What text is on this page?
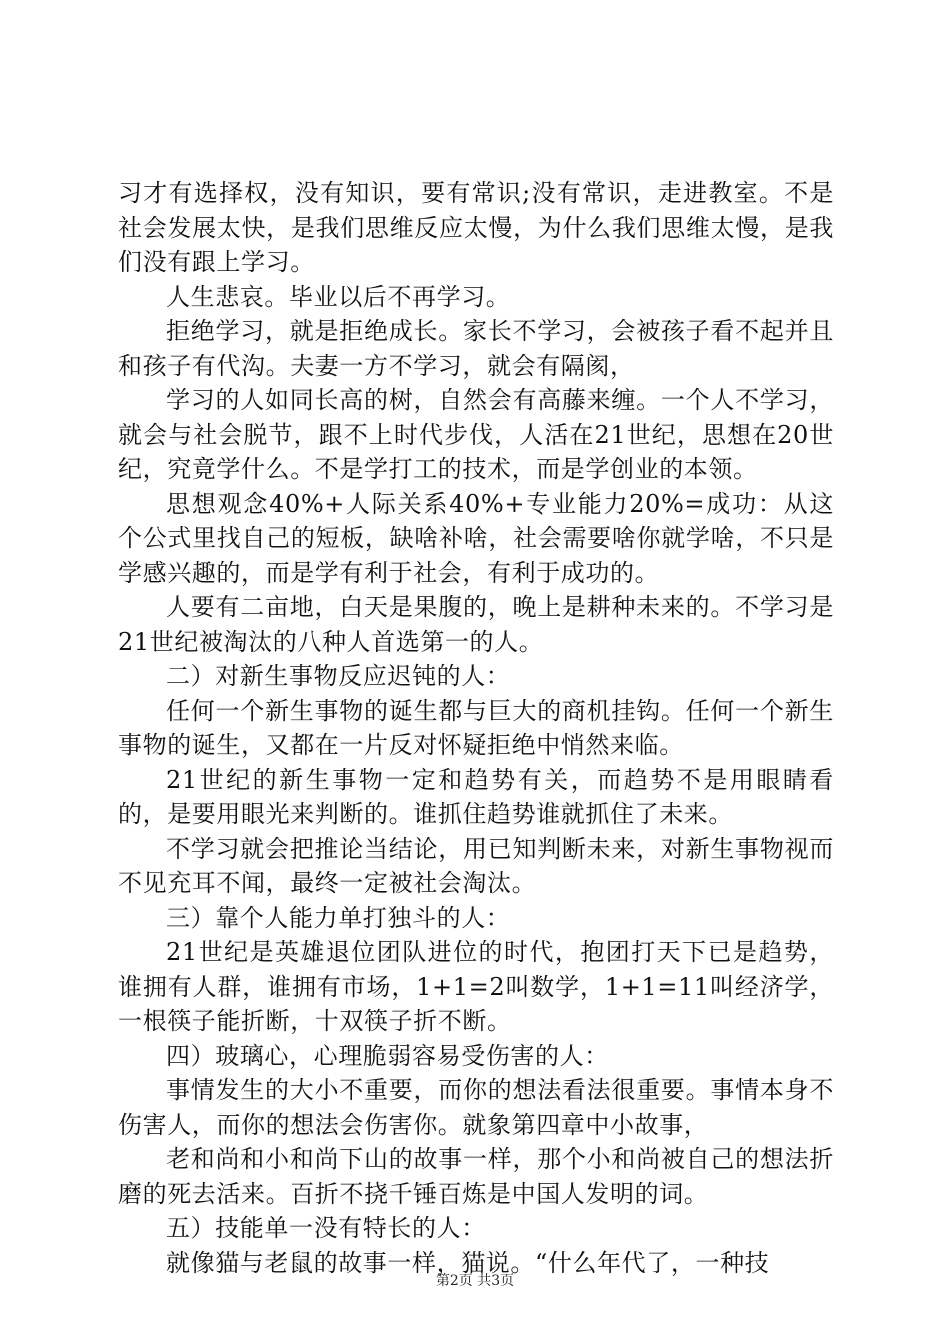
习才有选择权，没有知识，要有常识;没有常识，走进教室。不是社会发展太快，是我们思维反应太慢，为什么我们思维太慢，是我们没有跟上学习。

人生悲哀。毕业以后不再学习。

拒绝学习，就是拒绝成长。家长不学习，会被孩子看不起并且和孩子有代沟。夫妻一方不学习，就会有隔阂，

学习的人如同长高的树，自然会有高藤来缠。一个人不学习，就会与社会脱节，跟不上时代步伐，人活在21世纪，思想在20世纪，究竟学什么。不是学打工的技术，而是学创业的本领。

思想观念40%+人际关系40%+专业能力20%=成功：从这个公式里找自己的短板，缺啥补啥，社会需要啥你就学啥，不只是学感兴趣的，而是学有利于社会，有利于成功的。

人要有二亩地，白天是果腹的，晚上是耕种未来的。不学习是21世纪被淘汰的八种人首选第一的人。

二）对新生事物反应迟钝的人：

任何一个新生事物的诞生都与巨大的商机挂钩。任何一个新生事物的诞生，又都在一片反对怀疑拒绝中悄然来临。

21世纪的新生事物一定和趋势有关，而趋势不是用眼睛看的，是要用眼光来判断的。谁抓住趋势谁就抓住了未来。

不学习就会把推论当结论，用已知判断未来，对新生事物视而不见充耳不闻，最终一定被社会淘汰。

三）靠个人能力单打独斗的人：

21世纪是英雄退位团队进位的时代，抱团打天下已是趋势，谁拥有人群，谁拥有市场，1+1=2叫数学，1+1=11叫经济学，一根筷子能折断，十双筷子折不断。

四）玻璃心，心理脆弱容易受伤害的人：

事情发生的大小不重要，而你的想法看法很重要。事情本身不伤害人，而你的想法会伤害你。就象第四章中小故事，

老和尚和小和尚下山的故事一样，那个小和尚被自己的想法折磨的死去活来。百折不挠千锤百炼是中国人发明的词。

五）技能单一没有特长的人：

就像猫与老鼠的故事一样，猫说。“什么年代了，一种技

第2页 共3页
